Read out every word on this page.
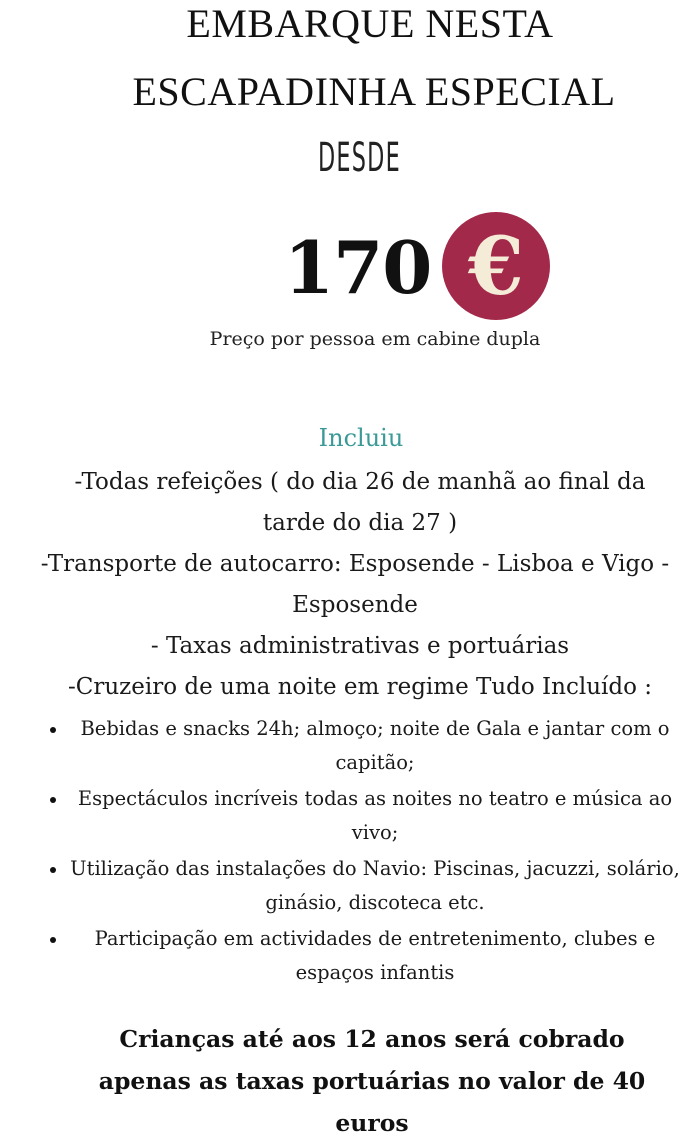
EMBARQUE NESTA
ESCAPADINHA ESPECIAL
DESDE
170 €
Preço por pessoa em cabine dupla
Incluiu
-Todas refeições ( do dia 26 de manhã ao final da tarde do dia 27 )
-Transporte de autocarro: Esposende - Lisboa e Vigo - Esposende
- Taxas administrativas e portuárias
-Cruzeiro de uma noite em regime Tudo Incluído :
Bebidas e snacks 24h; almoço; noite de Gala e jantar com o capitão;
Espectáculos incríveis todas as noites no teatro e música ao vivo;
Utilização das instalações do Navio: Piscinas, jacuzzi, solário, ginásio, discoteca etc.
Participação em actividades de entretenimento, clubes e espaços infantis
Crianças até aos 12 anos será cobrado apenas as taxas portuárias no valor de 40 euros
